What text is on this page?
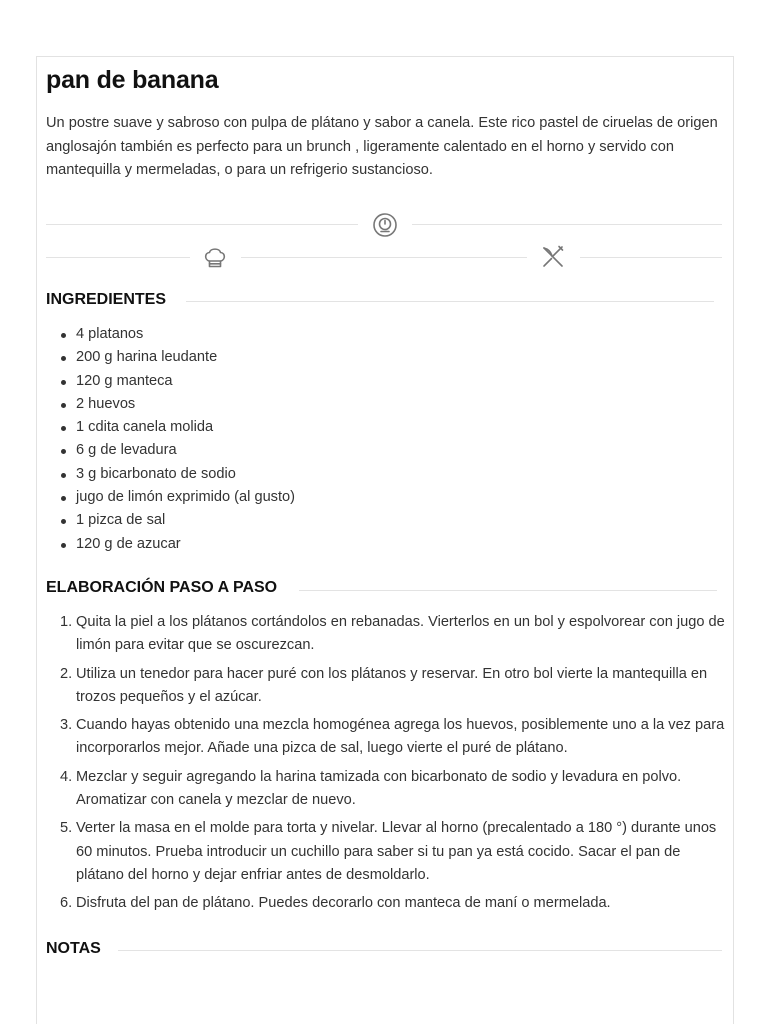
pan de banana

Un postre suave y sabroso con pulpa de plátano y sabor a canela. Este rico pastel de ciruelas de origen anglosajón también es perfecto para un brunch , ligeramente calentado en el horno y servido con mantequilla y mermeladas, o para un refrigerio sustancioso.

INGREDIENTES
4 platanos
200 g harina leudante
120 g manteca
2 huevos
1 cdita canela molida
6 g de levadura
3 g bicarbonato de sodio
jugo de limón exprimido (al gusto)
1 pizca de sal
120 g de azucar
ELABORACIÓN PASO A PASO
1. Quita la piel a los plátanos cortándolos en rebanadas. Vierterlos en un bol y espolvorear con jugo de limón para evitar que se oscurezcan.
2. Utiliza un tenedor para hacer puré con los plátanos y reservar. En otro bol vierte la mantequilla en trozos pequeños y el azúcar.
3. Cuando hayas obtenido una mezcla homogénea agrega los huevos, posiblemente uno a la vez para incorporarlos mejor. Añade una pizca de sal, luego vierte el puré de plátano.
4. Mezclar y seguir agregando la harina tamizada con bicarbonato de sodio y levadura en polvo. Aromatizar con canela y mezclar de nuevo.
5. Verter la masa en el molde para torta y nivelar. Llevar al horno (precalentado a 180 °) durante unos 60 minutos. Prueba introducir un cuchillo para saber si tu pan ya está cocido. Sacar el pan de plátano del horno y dejar enfriar antes de desmoldarlo.
6. Disfruta del pan de plátano. Puedes decorarlo con manteca de maní o mermelada.
NOTAS
